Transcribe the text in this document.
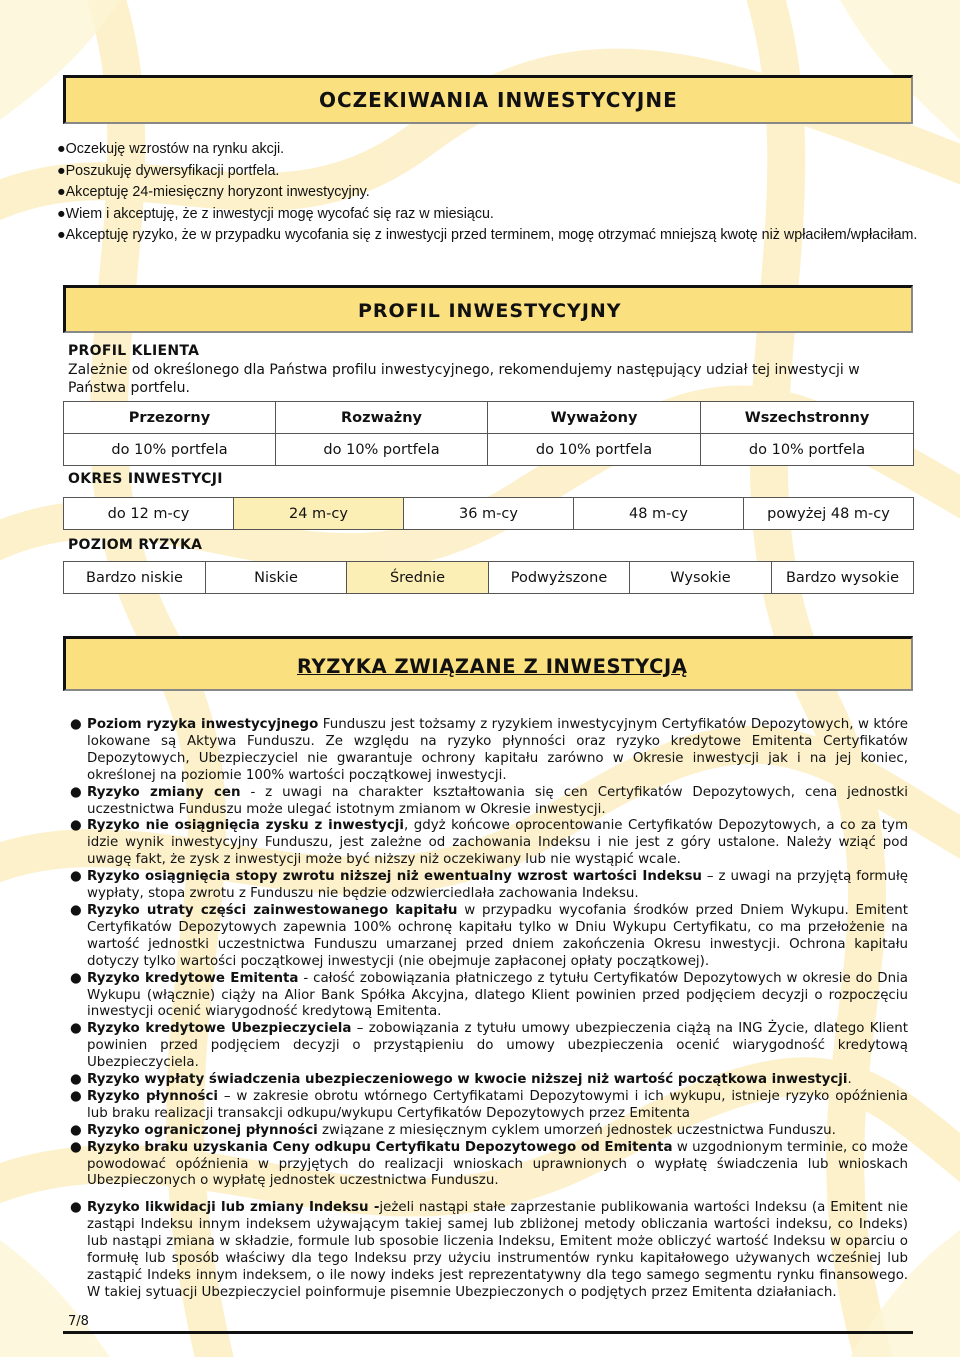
OCZEKIWANIA INWESTYCYJNE
●Oczekuję wzrostów na rynku akcji.
●Poszukuję dywersyfikacji portfela.
●Akceptuję 24-miesięczny horyzont inwestycyjny.
●Wiem i akceptuję, że z inwestycji mogę wycofać się raz w miesiącu.
●Akceptuję ryzyko, że w przypadku wycofania się z inwestycji przed terminem, mogę otrzymać mniejszą kwotę niż wpłaciłem/wpłaciłam.
PROFIL INWESTYCYJNY
PROFIL KLIENTA
Zależnie od określonego dla Państwa profilu inwestycyjnego, rekomendujemy następujący udział tej inwestycji w Państwa portfelu.
Przezorny	Rozważny	Wyważony	Wszechstronny
do 10% portfela	do 10% portfela	do 10% portfela	do 10% portfela
OKRES INWESTYCJI
do 12 m-cy	24 m-cy	36 m-cy	48 m-cy	powyżej 48 m-cy
POZIOM RYZYKA
Bardzo niskie	Niskie	Średnie	Podwyższone	Wysokie	Bardzo wysokie
RYZYKA ZWIĄZANE Z INWESTYCJĄ
● Poziom ryzyka inwestycyjnego Funduszu jest tożsamy z ryzykiem inwestycyjnym Certyfikatów Depozytowych, w które lokowane są Aktywa Funduszu. Ze względu na ryzyko płynności oraz ryzyko kredytowe Emitenta Certyfikatów Depozytowych, Ubezpieczyciel nie gwarantuje ochrony kapitału zarówno w Okresie inwestycji jak i na jej koniec, określonej na poziomie 100% wartości początkowej inwestycji.
● Ryzyko zmiany cen - z uwagi na charakter kształtowania się cen Certyfikatów Depozytowych, cena jednostki uczestnictwa Funduszu może ulegać istotnym zmianom w Okresie inwestycji.
● Ryzyko nie osiągnięcia zysku z inwestycji, gdyż końcowe oprocentowanie Certyfikatów Depozytowych, a co za tym idzie wynik inwestycyjny Funduszu, jest zależne od zachowania Indeksu i nie jest z góry ustalone. Należy wziąć pod uwagę fakt, że zysk z inwestycji może być niższy niż oczekiwany lub nie wystąpić wcale.
● Ryzyko osiągnięcia stopy zwrotu niższej niż ewentualny wzrost wartości Indeksu – z uwagi na przyjętą formułę wypłaty, stopa zwrotu z Funduszu nie będzie odzwierciedlała zachowania Indeksu.
● Ryzyko utraty części zainwestowanego kapitału w przypadku wycofania środków przed Dniem Wykupu. Emitent Certyfikatów Depozytowych zapewnia 100% ochronę kapitału tylko w Dniu Wykupu Certyfikatu, co ma przełożenie na wartość jednostki uczestnictwa Funduszu umarzanej przed dniem zakończenia Okresu inwestycji. Ochrona kapitału dotyczy tylko wartości początkowej inwestycji (nie obejmuje zapłaconej opłaty początkowej).
● Ryzyko kredytowe Emitenta - całość zobowiązania płatniczego z tytułu Certyfikatów Depozytowych w okresie do Dnia Wykupu (włącznie) ciąży na Alior Bank Spółka Akcyjna, dlatego Klient powinien przed podjęciem decyzji o rozpoczęciu inwestycji ocenić wiarygodność kredytową Emitenta.
● Ryzyko kredytowe Ubezpieczyciela – zobowiązania z tytułu umowy ubezpieczenia ciążą na ING Życie, dlatego Klient powinien przed podjęciem decyzji o przystąpieniu do umowy ubezpieczenia ocenić wiarygodność kredytową Ubezpieczyciela.
● Ryzyko wypłaty świadczenia ubezpieczeniowego w kwocie niższej niż wartość początkowa inwestycji.
● Ryzyko płynności – w zakresie obrotu wtórnego Certyfikatami Depozytowymi i ich wykupu, istnieje ryzyko opóźnienia lub braku realizacji transakcji odkupu/wykupu Certyfikatów Depozytowych przez Emitenta
● Ryzyko ograniczonej płynności związane z miesięcznym cyklem umorzeń jednostek uczestnictwa Funduszu.
● Ryzyko braku uzyskania Ceny odkupu Certyfikatu Depozytowego od Emitenta w uzgodnionym terminie, co może powodować opóźnienia w przyjętych do realizacji wnioskach uprawnionych o wypłatę świadczenia lub wnioskach Ubezpieczonych o wypłatę jednostek uczestnictwa Funduszu.
● Ryzyko likwidacji lub zmiany Indeksu -jeżeli nastąpi stałe zaprzestanie publikowania wartości Indeksu (a Emitent nie zastąpi Indeksu innym indeksem używającym takiej samej lub zbliżonej metody obliczania wartości indeksu, co Indeks) lub nastąpi zmiana w składzie, formule lub sposobie liczenia Indeksu, Emitent może obliczyć wartość Indeksu w oparciu o formułę lub sposób właściwy dla tego Indeksu przy użyciu instrumentów rynku kapitałowego używanych wcześniej lub zastąpić Indeks innym indeksem, o ile nowy indeks jest reprezentatywny dla tego samego segmentu rynku finansowego. W takiej sytuacji Ubezpieczyciel poinformuje pisemnie Ubezpieczonych o podjętych przez Emitenta działaniach.
7/8
